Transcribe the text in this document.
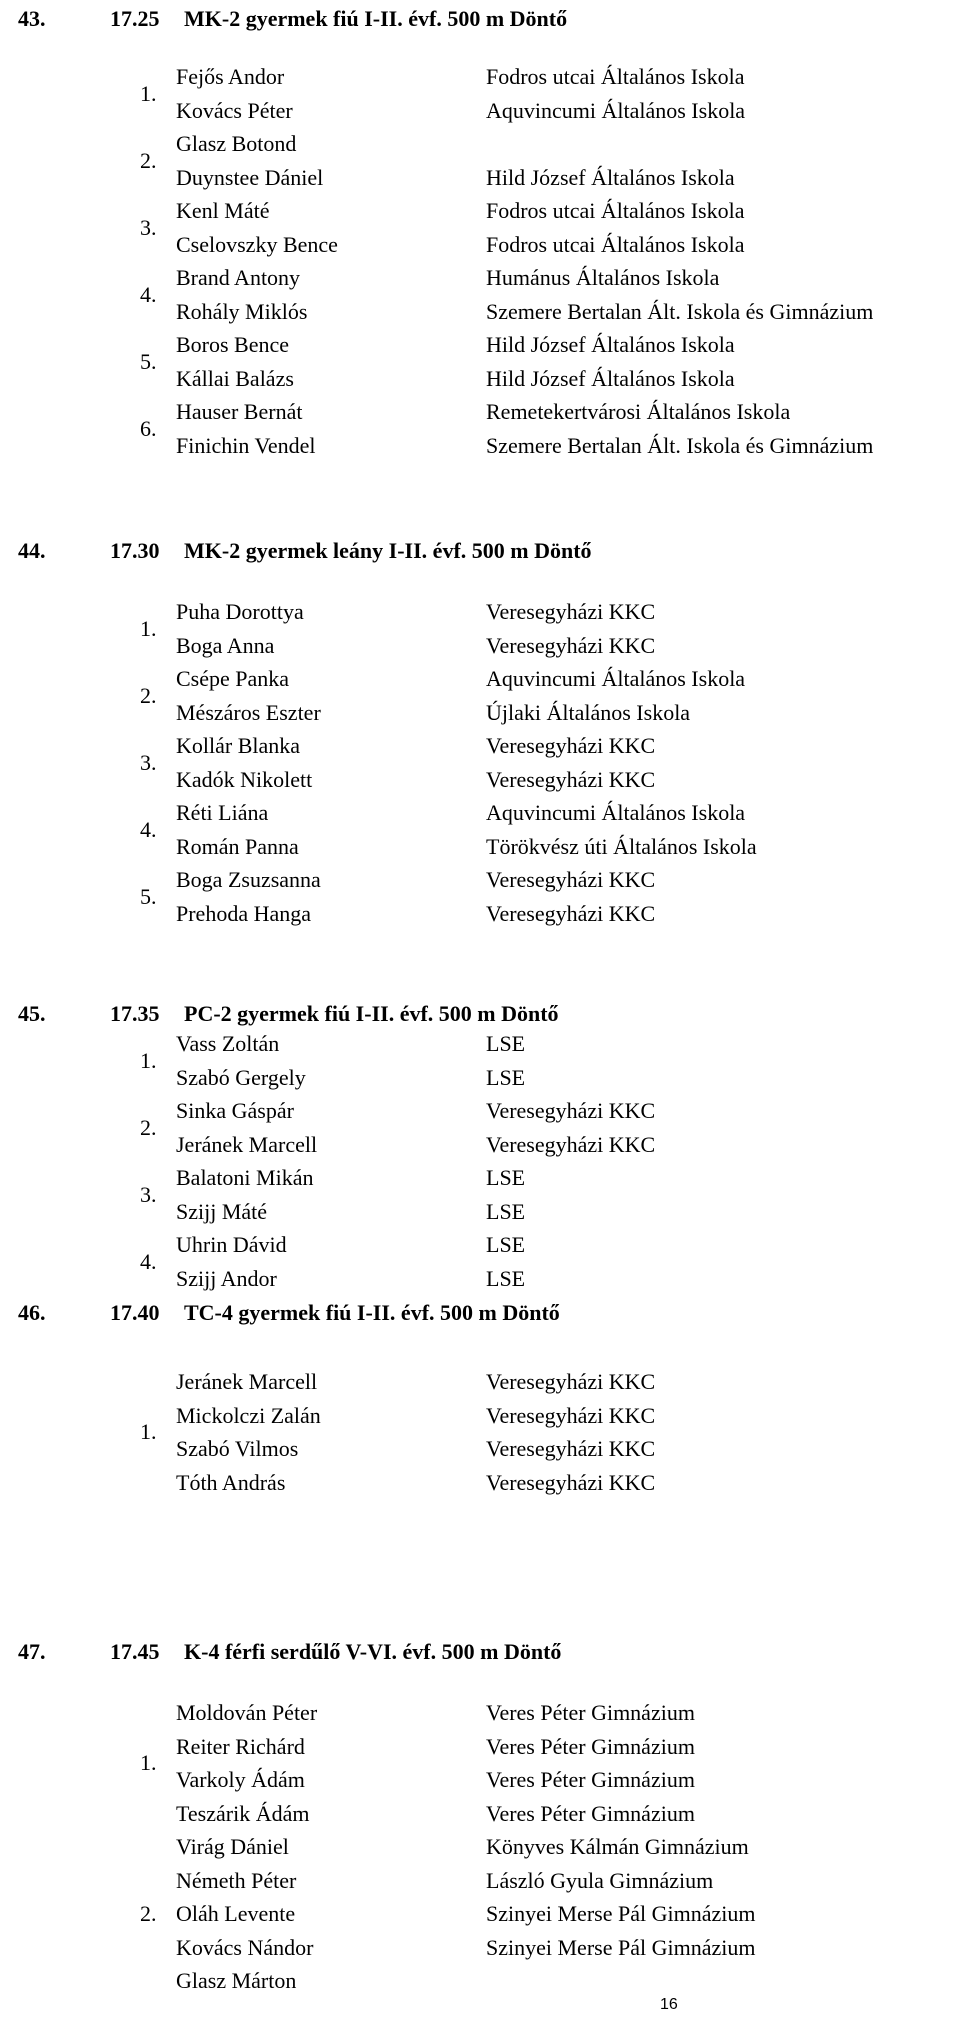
43.	17.25 MK-2 gyermek fiú I-II. évf. 500 m Döntő
1.
Fejős Andor	Fodros utcai Általános Iskola
Kovács Péter	Aquvincumi Általános Iskola
2.
Glasz Botond
Duynstee Dániel	Hild József Általános Iskola
3.
Kenl Máté	Fodros utcai Általános Iskola
Cselovszky Bence	Fodros utcai Általános Iskola
4.
Brand Antony	Humánus Általános Iskola
Rohály Miklós	Szemere Bertalan Ált. Iskola és Gimnázium
5.
Boros Bence	Hild József Általános Iskola
Kállai Balázs	Hild József Általános Iskola
6.
Hauser Bernát	Remetekertvárosi Általános Iskola
Finichin Vendel	Szemere Bertalan Ált. Iskola és Gimnázium
44.	17.30 MK-2 gyermek leány I-II. évf. 500 m Döntő
1.
Puha Dorottya	Veresegyházi KKC
Boga Anna	Veresegyházi KKC
2.
Csépe Panka	Aquvincumi Általános Iskola
Mészáros Eszter	Újlaki Általános Iskola
3.
Kollár Blanka	Veresegyházi KKC
Kadók Nikolett	Veresegyházi KKC
4.
Réti Liána	Aquvincumi Általános Iskola
Román Panna	Törökvész úti Általános Iskola
5.
Boga Zsuzsanna	Veresegyházi KKC
Prehoda Hanga	Veresegyházi KKC
45.	17.35 PC-2 gyermek fiú I-II. évf. 500 m Döntő
1.
Vass Zoltán	LSE
Szabó Gergely	LSE
2.
Sinka Gáspár	Veresegyházi KKC
Jeránek Marcell	Veresegyházi KKC
3.
Balatoni Mikán	LSE
Szijj Máté	LSE
4.
Uhrin Dávid	LSE
Szijj Andor	LSE
46.	17.40 TC-4 gyermek fiú I-II. évf. 500 m Döntő
1.
Jeránek Marcell	Veresegyházi KKC
Mickolczi Zalán	Veresegyházi KKC
Szabó Vilmos	Veresegyházi KKC
Tóth András	Veresegyházi KKC
47.	17.45 K-4 férfi serdűlő V-VI. évf. 500 m Döntő
1.
Moldován Péter	Veres Péter Gimnázium
Reiter Richárd	Veres Péter Gimnázium
Varkoly Ádám	Veres Péter Gimnázium
Teszárik Ádám	Veres Péter Gimnázium
2.
Virág Dániel	Könyves Kálmán Gimnázium
Németh Péter	László Gyula Gimnázium
Oláh Levente	Szinyei Merse Pál Gimnázium
Kovács Nándor	Szinyei Merse Pál Gimnázium
Glasz Márton
16
